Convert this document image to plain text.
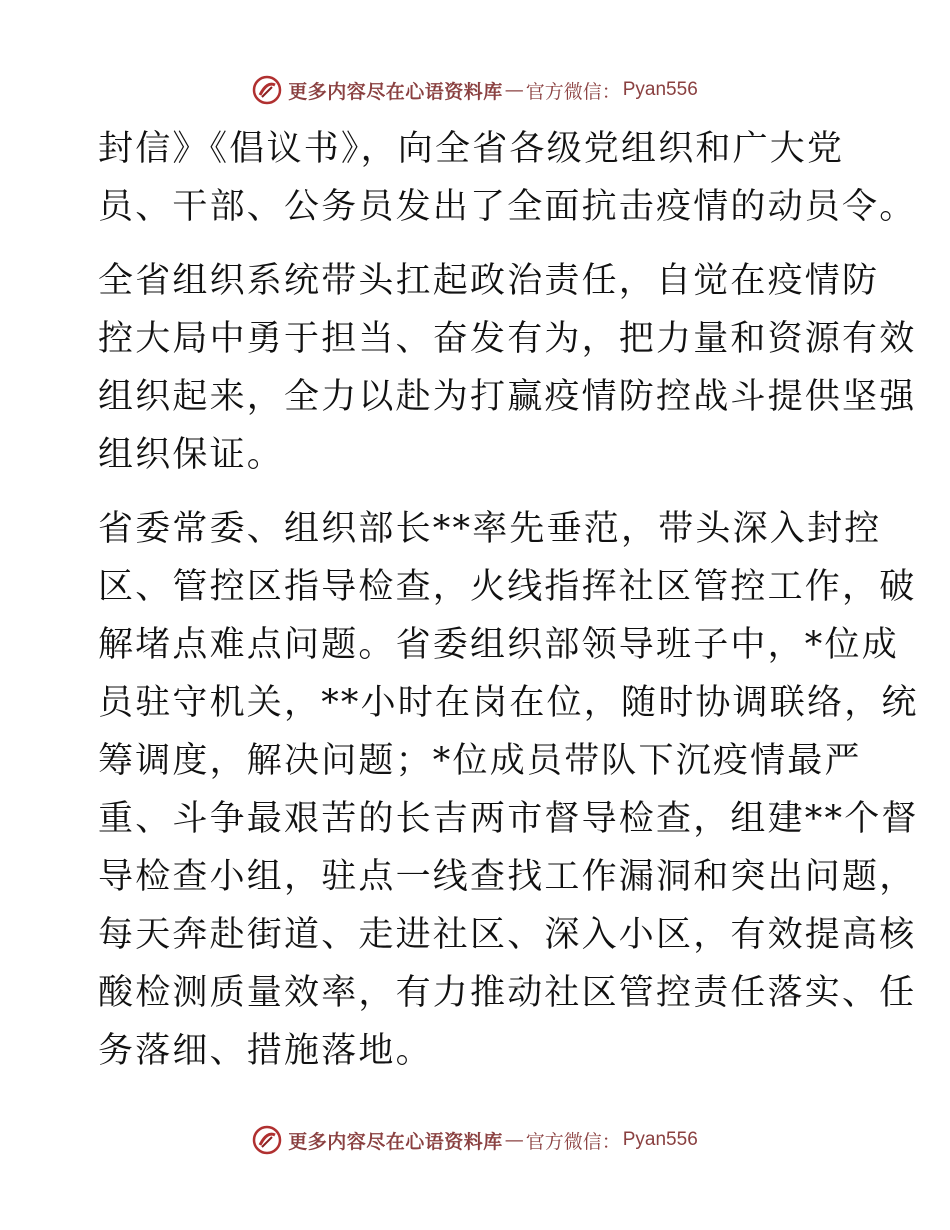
更多内容尽在心语资料库 — 官方微信： Pyan556
封信》《倡议书》，向全省各级党组织和广大党
员、干部、公务员发出了全面抗击疫情的动员令。
全省组织系统带头扛起政治责任，自觉在疫情防
控大局中勇于担当、奋发有为，把力量和资源有效
组织起来，全力以赴为打赢疫情防控战斗提供坚强
组织保证。
省委常委、组织部长**率先垂范，带头深入封控
区、管控区指导检查，火线指挥社区管控工作，破
解堵点难点问题。省委组织部领导班子中，*位成
员驻守机关，**小时在岗在位，随时协调联络，统
筹调度，解决问题；*位成员带队下沉疫情最严
重、斗争最艰苦的长吉两市督导检查，组建**个督
导检查小组，驻点一线查找工作漏洞和突出问题，
每天奔赴街道、走进社区、深入小区，有效提高核
酸检测质量效率，有力推动社区管控责任落实、任
务落细、措施落地。
更多内容尽在心语资料库 — 官方微信： Pyan556
